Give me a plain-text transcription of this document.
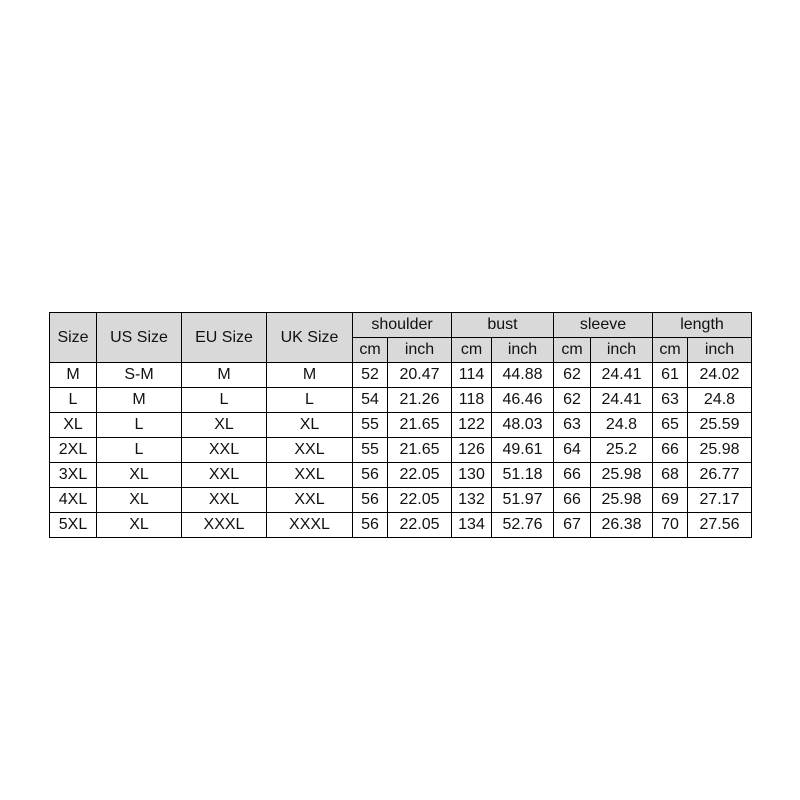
Size	US Size	EU Size	UK Size	shoulder		bust		sleeve		length	
				cm	inch	cm	inch	cm	inch	cm	inch
M	S-M	M	M	52	20.47	114	44.88	62	24.41	61	24.02
L	M	L	L	54	21.26	118	46.46	62	24.41	63	24.8
XL	L	XL	XL	55	21.65	122	48.03	63	24.8	65	25.59
2XL	L	XXL	XXL	55	21.65	126	49.61	64	25.2	66	25.98
3XL	XL	XXL	XXL	56	22.05	130	51.18	66	25.98	68	26.77
4XL	XL	XXL	XXL	56	22.05	132	51.97	66	25.98	69	27.17
5XL	XL	XXXL	XXXL	56	22.05	134	52.76	67	26.38	70	27.56
